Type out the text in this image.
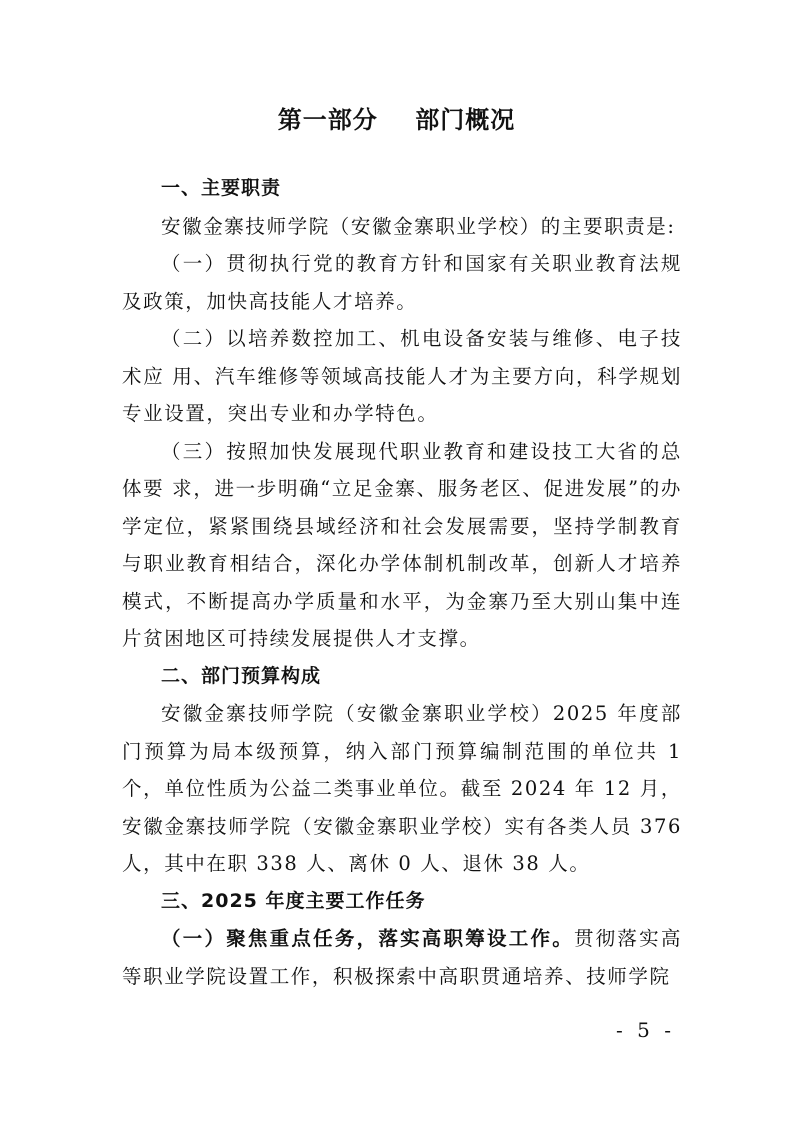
第一部分    部门概况

一、主要职责

安徽金寨技师学院（安徽金寨职业学校）的主要职责是:

（一）贯彻执行党的教育方针和国家有关职业教育法规及政策，加快高技能人才培养。

（二）以培养数控加工、机电设备安装与维修、电子技术应 用、汽车维修等领域高技能人才为主要方向，科学规划专业设置，突出专业和办学特色。

（三）按照加快发展现代职业教育和建设技工大省的总体要 求，进一步明确“立足金寨、服务老区、促进发展”的办学定位，紧紧围绕县域经济和社会发展需要，坚持学制教育与职业教育相结合，深化办学体制机制改革，创新人才培养模式，不断提高办学质量和水平，为金寨乃至大别山集中连片贫困地区可持续发展提供人才支撑。

二、部门预算构成

安徽金寨技师学院（安徽金寨职业学校）2025 年度部门预算为局本级预算，纳入部门预算编制范围的单位共 1 个，单位性质为公益二类事业单位。截至 2024 年 12 月，安徽金寨技师学院（安徽金寨职业学校）实有各类人员 376 人，其中在职 338 人、离休 0 人、退休 38 人。

三、2025 年度主要工作任务

（一）聚焦重点任务，落实高职筹设工作。贯彻落实高等职业学院设置工作，积极探索中高职贯通培养、技师学院

- 5 -
